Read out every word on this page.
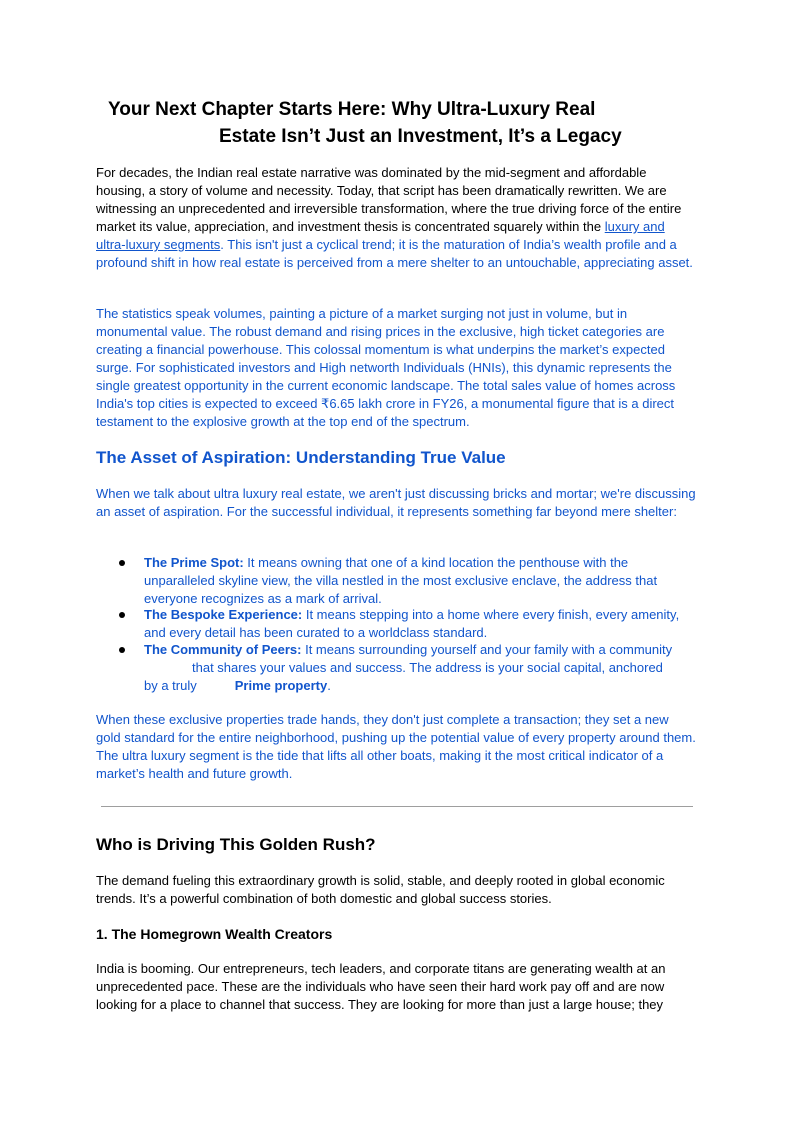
Your Next Chapter Starts Here: Why Ultra-Luxury Real
Estate Isn’t Just an Investment, It’s a Legacy
For decades, the Indian real estate narrative was dominated by the mid-segment and affordable housing, a story of volume and necessity. Today, that script has been dramatically rewritten. We are witnessing an unprecedented and irreversible transformation, where the true driving force of the entire market its value, appreciation, and investment thesis is concentrated squarely within the luxury and ultra-luxury segments. This isn't just a cyclical trend; it is the maturation of India’s wealth profile and a profound shift in how real estate is perceived from a mere shelter to an untouchable, appreciating asset.
The statistics speak volumes, painting a picture of a market surging not just in volume, but in monumental value. The robust demand and rising prices in the exclusive, high ticket categories are creating a financial powerhouse. This colossal momentum is what underpins the market’s expected surge. For sophisticated investors and High networth Individuals (HNIs), this dynamic represents the single greatest opportunity in the current economic landscape. The total sales value of homes across India's top cities is expected to exceed ₹6.65 lakh crore in FY26, a monumental figure that is a direct testament to the explosive growth at the top end of the spectrum.
The Asset of Aspiration: Understanding True Value
When we talk about ultra luxury real estate, we aren't just discussing bricks and mortar; we're discussing an asset of aspiration. For the successful individual, it represents something far beyond mere shelter:
The Prime Spot: It means owning that one of a kind location the penthouse with the unparalleled skyline view, the villa nestled in the most exclusive enclave, the address that everyone recognizes as a mark of arrival.
The Bespoke Experience: It means stepping into a home where every finish, every amenity, and every detail has been curated to a worldclass standard.
The Community of Peers: It means surrounding yourself and your family with a community
that shares your values and success. The address is your social capital, anchored
by a truly	Prime property.
When these exclusive properties trade hands, they don't just complete a transaction; they set a new gold standard for the entire neighborhood, pushing up the potential value of every property around them. The ultra luxury segment is the tide that lifts all other boats, making it the most critical indicator of a market’s health and future growth.
Who is Driving This Golden Rush?
The demand fueling this extraordinary growth is solid, stable, and deeply rooted in global economic trends. It’s a powerful combination of both domestic and global success stories.
1. The Homegrown Wealth Creators
India is booming. Our entrepreneurs, tech leaders, and corporate titans are generating wealth at an unprecedented pace. These are the individuals who have seen their hard work pay off and are now looking for a place to channel that success. They are looking for more than just a large house; they
